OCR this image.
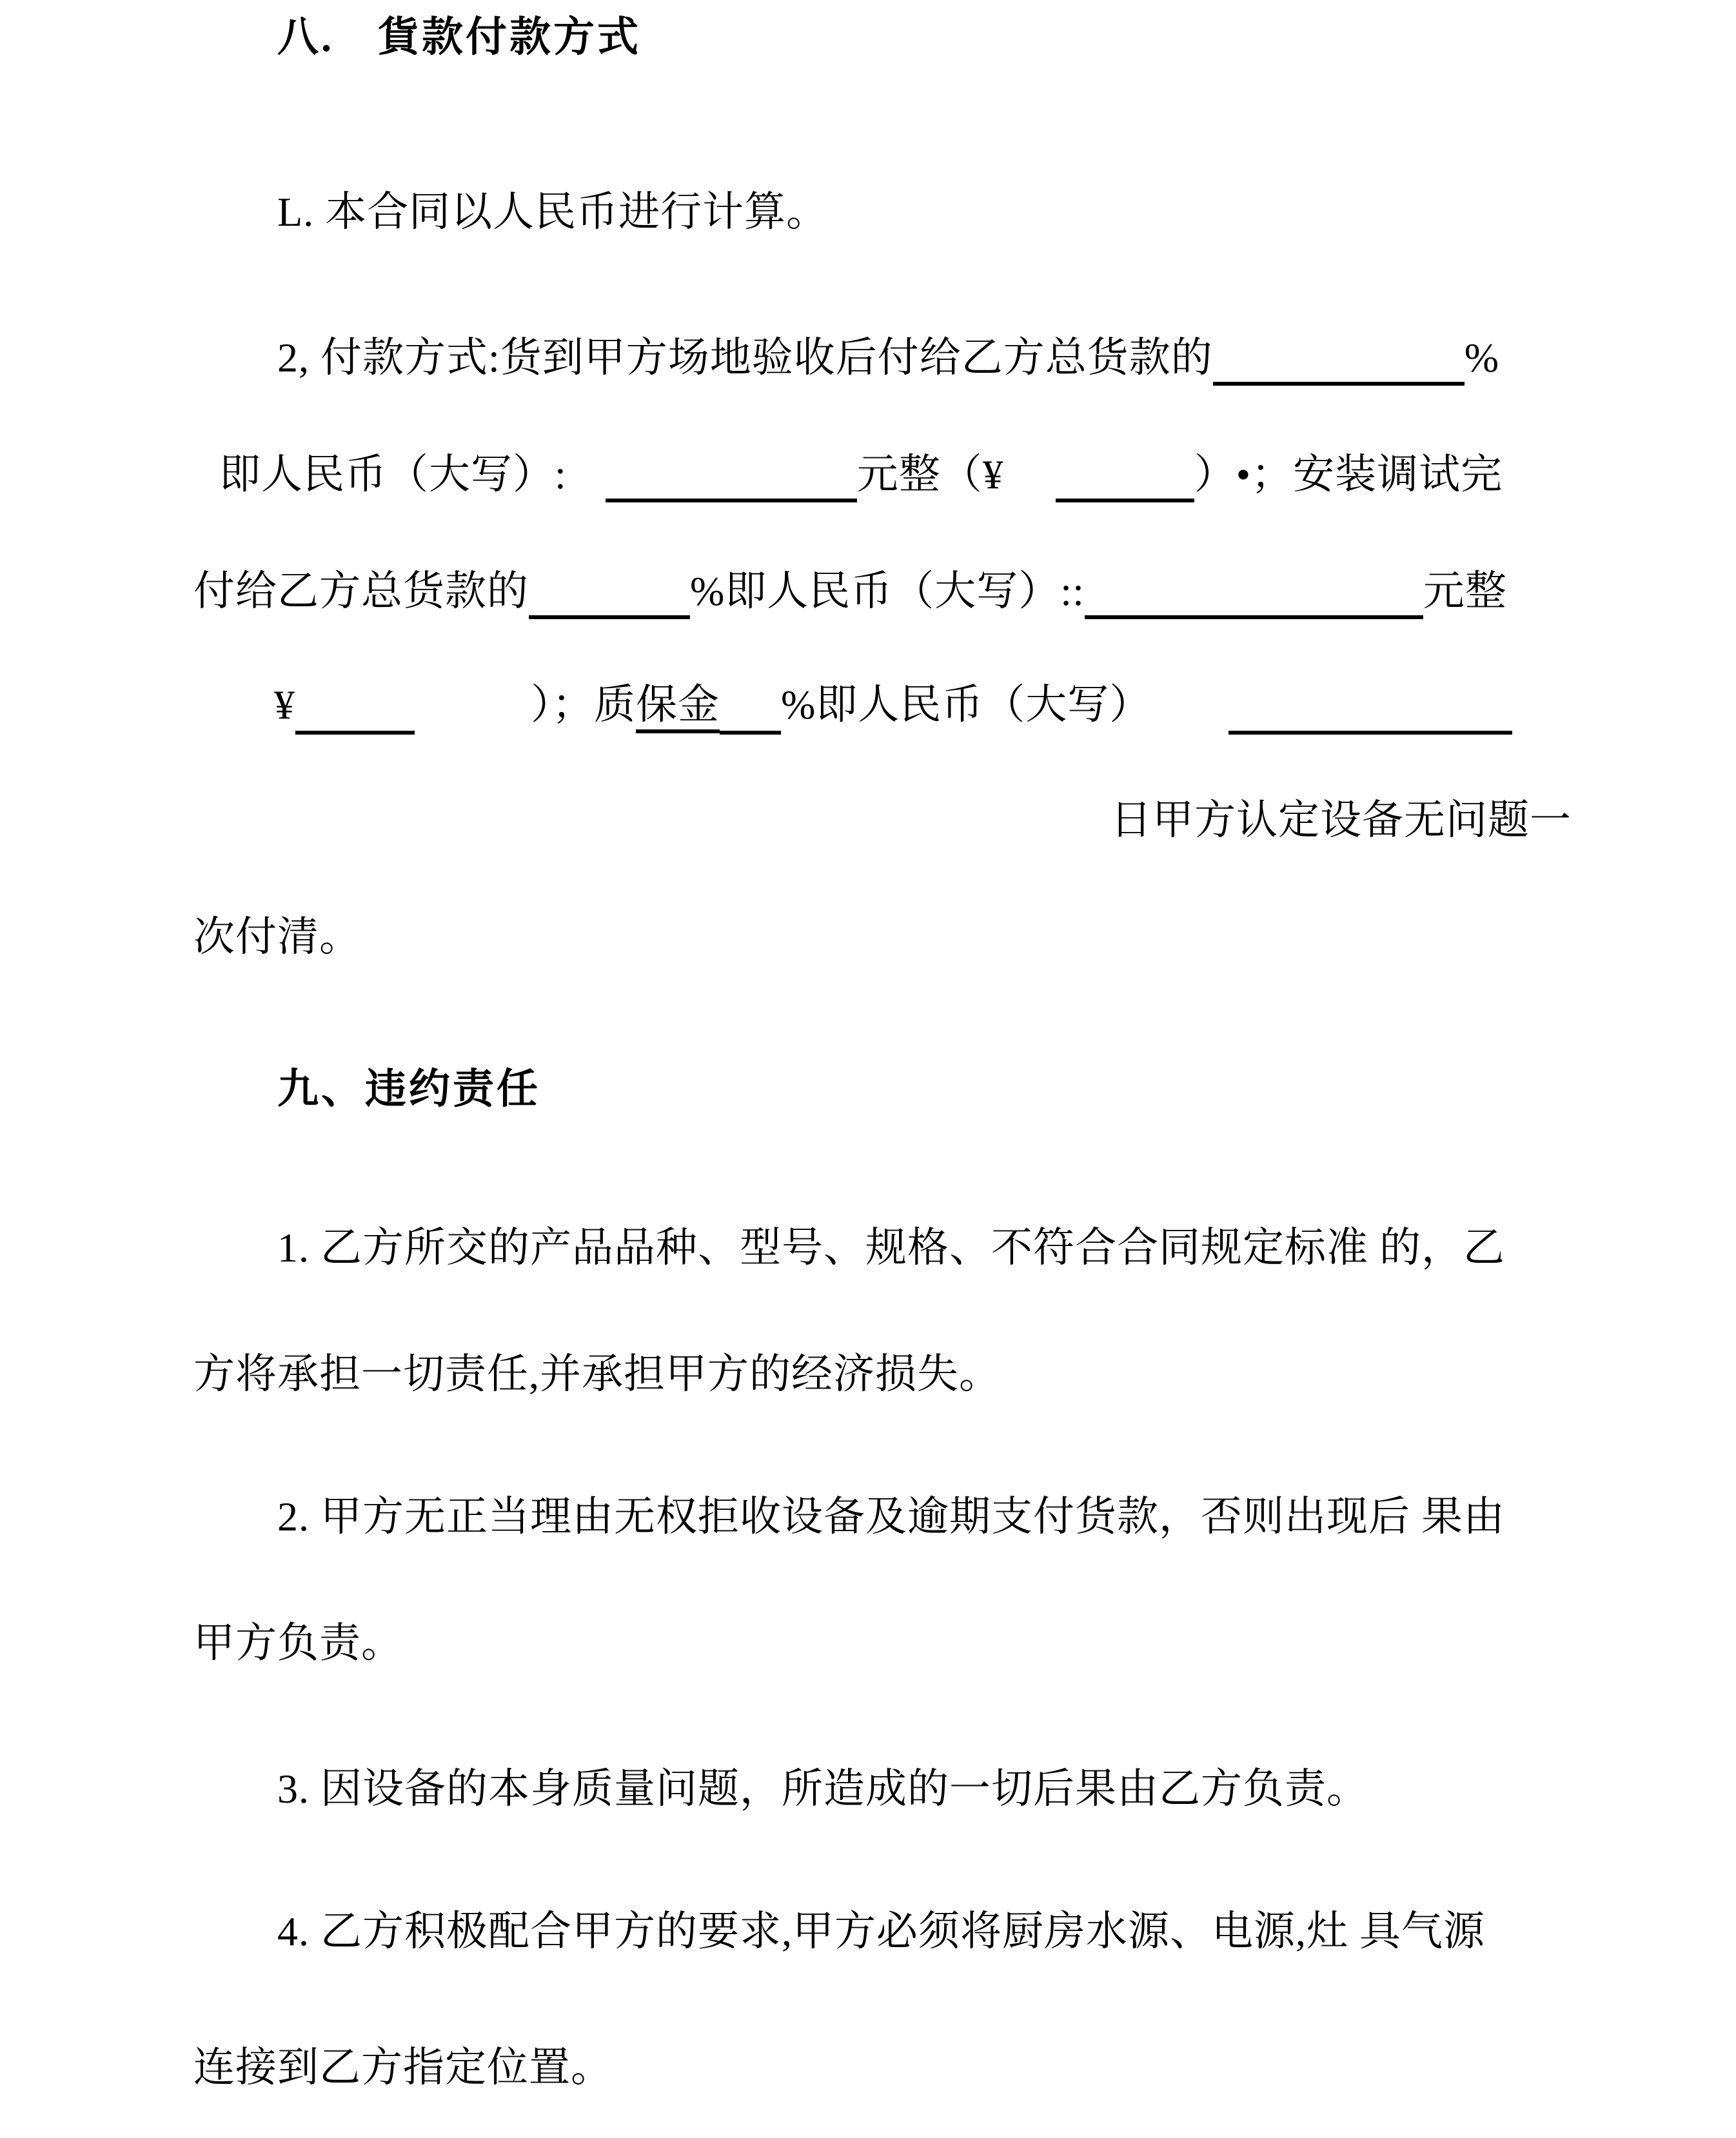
八.　貨款付款方式
L. 本合同以人民币进行计算。
2, 付款方式:货到甲方场地验收后付给乙方总货款的	%
即人民币（大写）:	元整（¥	）•；安装调试完
付给乙方总货款的	%即人民币（大写）::	元整
¥	）；质保金 %即人民币（大写）
日甲方认定设备无问题一
次付清。
九、违约责任
1. 乙方所交的产品品种、型号、规格、不符合合同规定标准 的，乙
方将承担一切责任,并承担甲方的经济损失。
2. 甲方无正当理由无权拒收设备及逾期支付货款，否则出现后 果由
甲方负责。
3. 因设备的本身质量问题，所造成的一切后果由乙方负责。
4. 乙方积极配合甲方的要求,甲方必须将厨房水源、电源,灶 具气源
连接到乙方指定位置。
